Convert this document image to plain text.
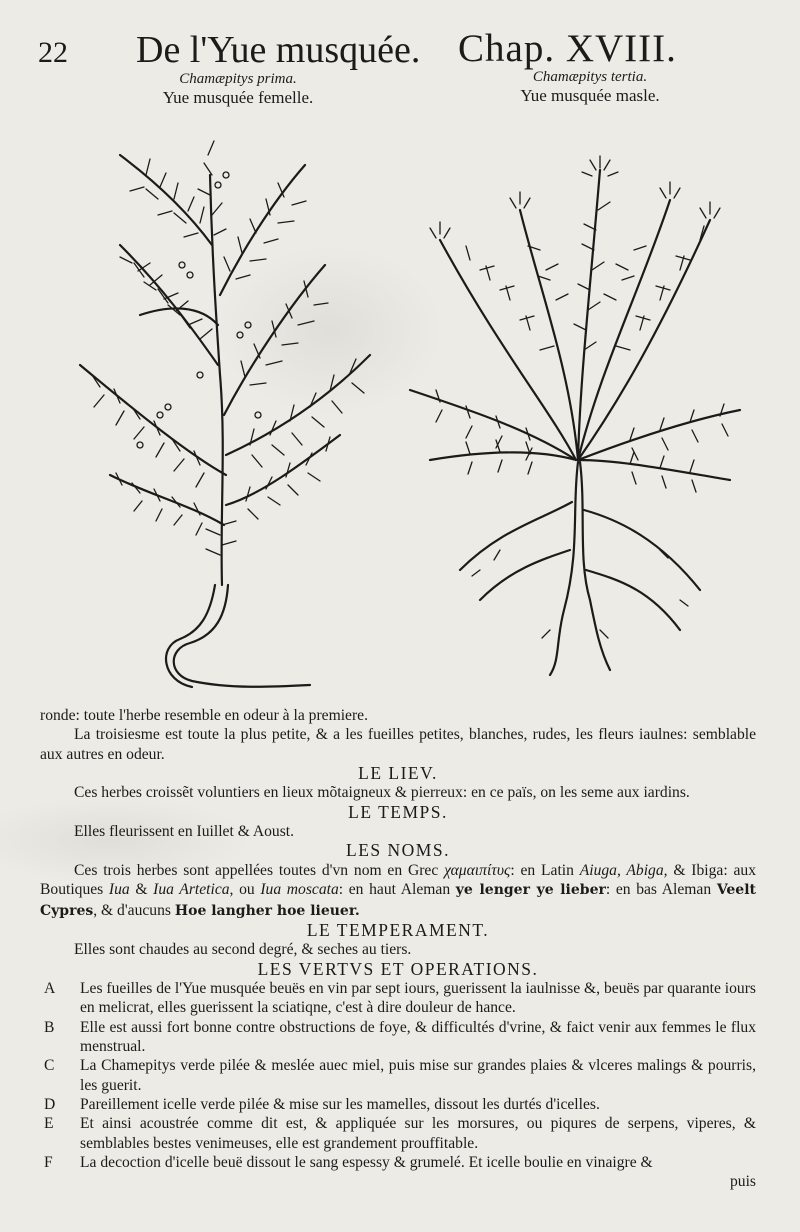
22 De l'Yue musquée. Chap. XVIII.
Chamæpitys prima.
Yue musquée femelle.
Chamæpitys tertia.
Yue musquée masle.

ronde: toute l'herbe resemble en odeur à la premiere.

La troisiesme est toute la plus petite, & a les fueilles petites, blanches, rudes, les fleurs iaulnes: semblable aux autres en odeur.

LE LIEV.

Ces herbes croissẽt voluntiers en lieux mõtaigneux & pierreux: en ce païs, on les seme aux iardins.

LE TEMPS.

Elles fleurissent en Iuillet & Aoust.

LES NOMS.

Ces trois herbes sont appellées toutes d'vn nom en Grec χαμαιπίτυς: en Latin Aiuga, Abiga, & Ibiga: aux Boutiques Iua & Iua Artetica, ou Iua moscata: en haut Aleman ye lenger ye lieber: en bas Aleman Veelt Cypres, & d'aucuns Hoe langher hoe lieuer.

LE TEMPERAMENT.

Elles sont chaudes au second degré, & seches au tiers.

LES VERTVS ET OPERATIONS.

A	Les fueilles de l'Yue musquée beuës en vin par sept iours, guerissent la iaulnisse &, beuës par quarante iours en melicrat, elles guerissent la sciatiqne, c'est à dire douleur de hance.
B	Elle est aussi fort bonne contre obstructions de foye, & difficultés d'vrine, & faict venir aux femmes le flux menstrual.
C	La Chamepitys verde pilée & meslée auec miel, puis mise sur grandes plaies & vlceres malings & pourris, les guerit.
D	Pareillement icelle verde pilée & mise sur les mamelles, dissout les durtés d'icelles.
E	Et ainsi acoustrée comme dit est, & appliquée sur les morsures, ou piqures de serpens, viperes, & semblables bestes venimeuses, elle est grandement prouffitable.
F	La decoction d'icelle beuë dissout le sang espessy & grumelé. Et icelle boulie en vinaigre &
puis
